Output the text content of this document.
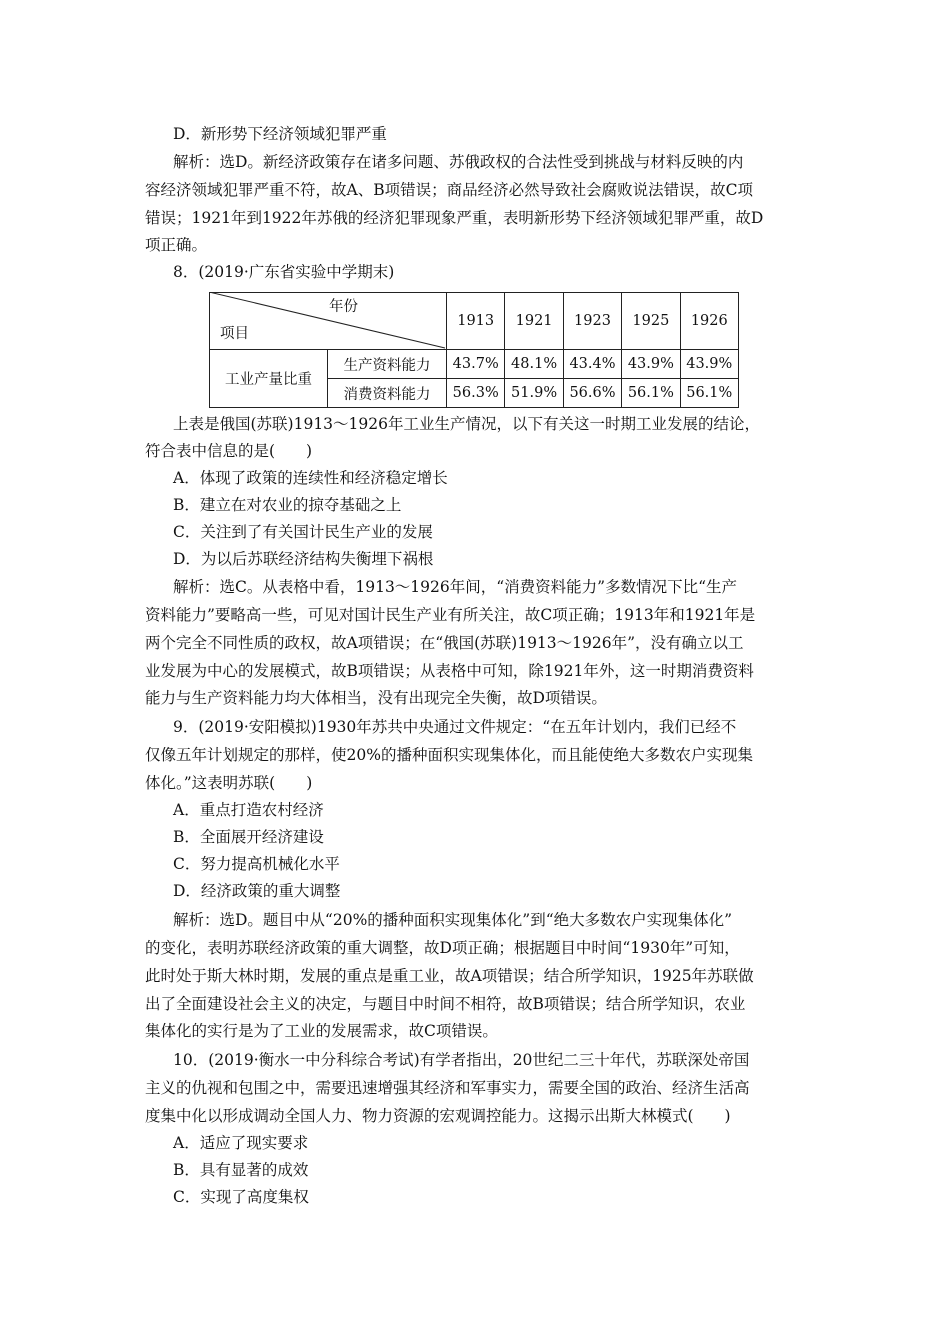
D．新形势下经济领域犯罪严重
解析：选D。新经济政策存在诸多问题、苏俄政权的合法性受到挑战与材料反映的内
容经济领域犯罪严重不符，故A、B项错误；商品经济必然导致社会腐败说法错误，故C项
错误；1921年到1922年苏俄的经济犯罪现象严重，表明新形势下经济领域犯罪严重，故D
项正确。
8．(2019·广东省实验中学期末)
年份
项目		1913	1921	1923	1925	1926
工业产量比重	生产资料能力	43.7%	48.1%	43.4%	43.9%	43.9%
	消费资料能力	56.3%	51.9%	56.6%	56.1%	56.1%
上表是俄国(苏联)1913～1926年工业生产情况，以下有关这一时期工业发展的结论，
符合表中信息的是(　　)
A．体现了政策的连续性和经济稳定增长
B．建立在对农业的掠夺基础之上
C．关注到了有关国计民生产业的发展
D．为以后苏联经济结构失衡埋下祸根
解析：选C。从表格中看，1913～1926年间，“消费资料能力”多数情况下比“生产
资料能力”要略高一些，可见对国计民生产业有所关注，故C项正确；1913年和1921年是
两个完全不同性质的政权，故A项错误；在“俄国(苏联)1913～1926年”，没有确立以工
业发展为中心的发展模式，故B项错误；从表格中可知，除1921年外，这一时期消费资料
能力与生产资料能力均大体相当，没有出现完全失衡，故D项错误。
9．(2019·安阳模拟)1930年苏共中央通过文件规定：“在五年计划内，我们已经不
仅像五年计划规定的那样，使20%的播种面积实现集体化，而且能使绝大多数农户实现集
体化。”这表明苏联(　　)
A．重点打造农村经济
B．全面展开经济建设
C．努力提高机械化水平
D．经济政策的重大调整
解析：选D。题目中从“20%的播种面积实现集体化”到“绝大多数农户实现集体化”
的变化，表明苏联经济政策的重大调整，故D项正确；根据题目中时间“1930年”可知，
此时处于斯大林时期，发展的重点是重工业，故A项错误；结合所学知识，1925年苏联做
出了全面建设社会主义的决定，与题目中时间不相符，故B项错误；结合所学知识，农业
集体化的实行是为了工业的发展需求，故C项错误。
10．(2019·衡水一中分科综合考试)有学者指出，20世纪二三十年代，苏联深处帝国
主义的仇视和包围之中，需要迅速增强其经济和军事实力，需要全国的政治、经济生活高
度集中化以形成调动全国人力、物力资源的宏观调控能力。这揭示出斯大林模式(　　)
A．适应了现实要求
B．具有显著的成效
C．实现了高度集权
